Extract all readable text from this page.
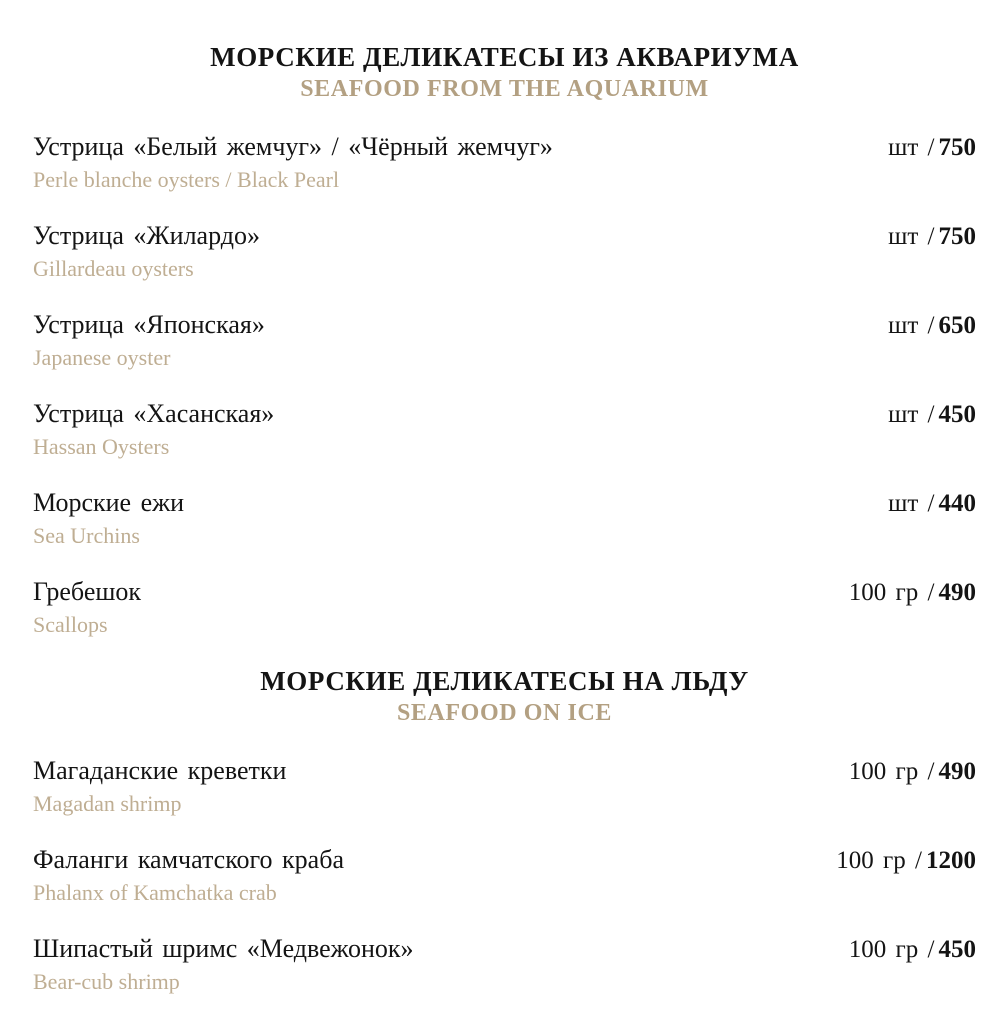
МОРСКИЕ ДЕЛИКАТЕСЫ ИЗ АКВАРИУМА
SEAFOOD FROM THE AQUARIUM
Устрица «Белый жемчуг» / «Чёрный жемчуг»	шт / 750
Perle blanche oysters / Black Pearl
Устрица «Жилардо»	шт / 750
Gillardeau oysters
Устрица «Японская»	шт / 650
Japanese oyster
Устрица «Хасанская»	шт / 450
Hassan Oysters
Морские ежи	шт / 440
Sea Urchins
Гребешок	100 гр / 490
Scallops
МОРСКИЕ ДЕЛИКАТЕСЫ НА ЛЬДУ
SEAFOOD ON ICE
Магаданские креветки	100 гр / 490
Magadan shrimp
Фаланги камчатского краба	100 гр / 1200
Phalanx of Kamchatka crab
Шипастый шримс «Медвежонок»	100 гр / 450
Bear-cub shrimp
